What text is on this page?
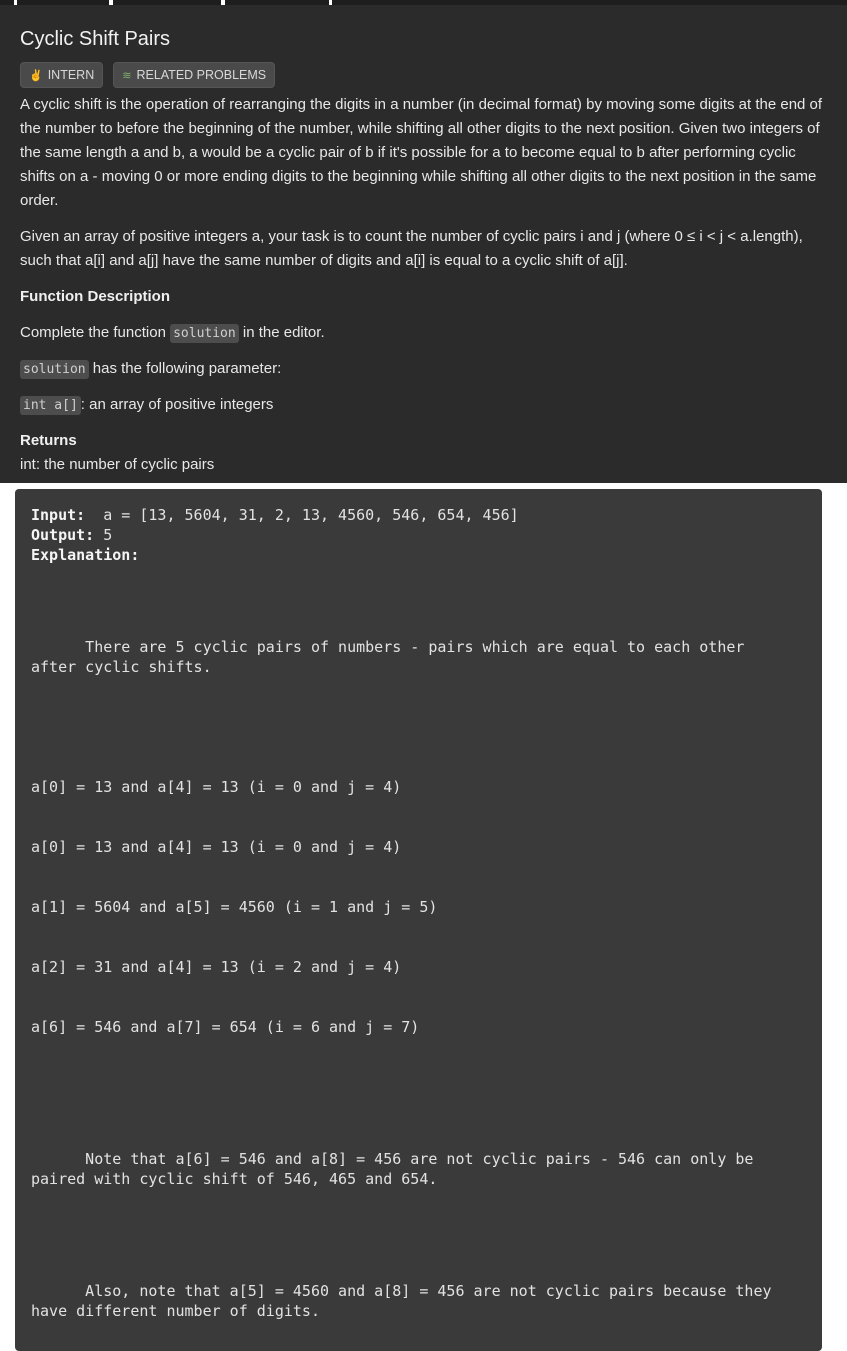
Cyclic Shift Pairs
✌ INTERN	≋ RELATED PROBLEMS

A cyclic shift is the operation of rearranging the digits in a number (in decimal format) by moving some digits at the end of the number to before the beginning of the number, while shifting all other digits to the next position. Given two integers of the same length a and b, a would be a cyclic pair of b if it's possible for a to become equal to b after performing cyclic shifts on a - moving 0 or more ending digits to the beginning while shifting all other digits to the next position in the same order.

Given an array of positive integers a, your task is to count the number of cyclic pairs i and j (where 0 ≤ i < j < a.length), such that a[i] and a[j] have the same number of digits and a[i] is equal to a cyclic shift of a[j].

Function Description

Complete the function solution in the editor.

solution has the following parameter:

int a[] : an array of positive integers

Returns

int: the number of cyclic pairs

Input:  a = [13, 5604, 31, 2, 13, 4560, 546, 654, 456]

Output: 5

Explanation:

There are 5 cyclic pairs of numbers - pairs which are equal to each other

after cyclic shifts.

a[0] = 13 and a[4] = 13 (i = 0 and j = 4)

a[0] = 13 and a[4] = 13 (i = 0 and j = 4)

a[1] = 5604 and a[5] = 4560 (i = 1 and j = 5)

a[2] = 31 and a[4] = 13 (i = 2 and j = 4)

a[6] = 546 and a[7] = 654 (i = 6 and j = 7)

Note that a[6] = 546 and a[8] = 456 are not cyclic pairs - 546 can only be

paired with cyclic shift of 546, 465 and 654.

Also, note that a[5] = 4560 and a[8] = 456 are not cyclic pairs because they

have different number of digits.
